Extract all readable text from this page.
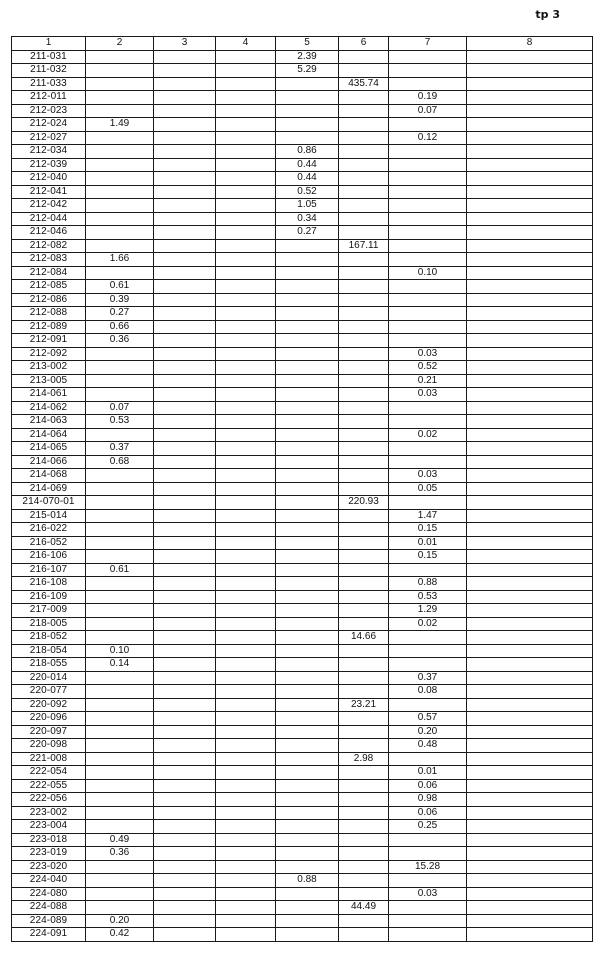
tp 3
1	2	3	4	5	6	7	8
211-031				2.39			
211-032				5.29			
211-033					435.74		
212-011						0.19	
212-023						0.07	
212-024	1.49						
212-027						0.12	
212-034				0.86			
212-039				0.44			
212-040				0.44			
212-041				0.52			
212-042				1.05			
212-044				0.34			
212-046				0.27			
212-082					167.11		
212-083	1.66						
212-084						0.10	
212-085	0.61						
212-086	0.39						
212-088	0.27						
212-089	0.66						
212-091	0.36						
212-092						0.03	
213-002						0.52	
213-005						0.21	
214-061						0.03	
214-062	0.07						
214-063	0.53						
214-064						0.02	
214-065	0.37						
214-066	0.68						
214-068						0.03	
214-069						0.05	
214-070-01					220.93		
215-014						1.47	
216-022						0.15	
216-052						0.01	
216-106						0.15	
216-107	0.61						
216-108						0.88	
216-109						0.53	
217-009						1.29	
218-005						0.02	
218-052					14.66		
218-054	0.10						
218-055	0.14						
220-014						0.37	
220-077						0.08	
220-092					23.21		
220-096						0.57	
220-097						0.20	
220-098						0.48	
221-008					2.98		
222-054						0.01	
222-055						0.06	
222-056						0.98	
223-002						0.06	
223-004						0.25	
223-018	0.49						
223-019	0.36						
223-020						15.28	
224-040				0.88			
224-080						0.03	
224-088					44.49		
224-089	0.20						
224-091	0.42						
